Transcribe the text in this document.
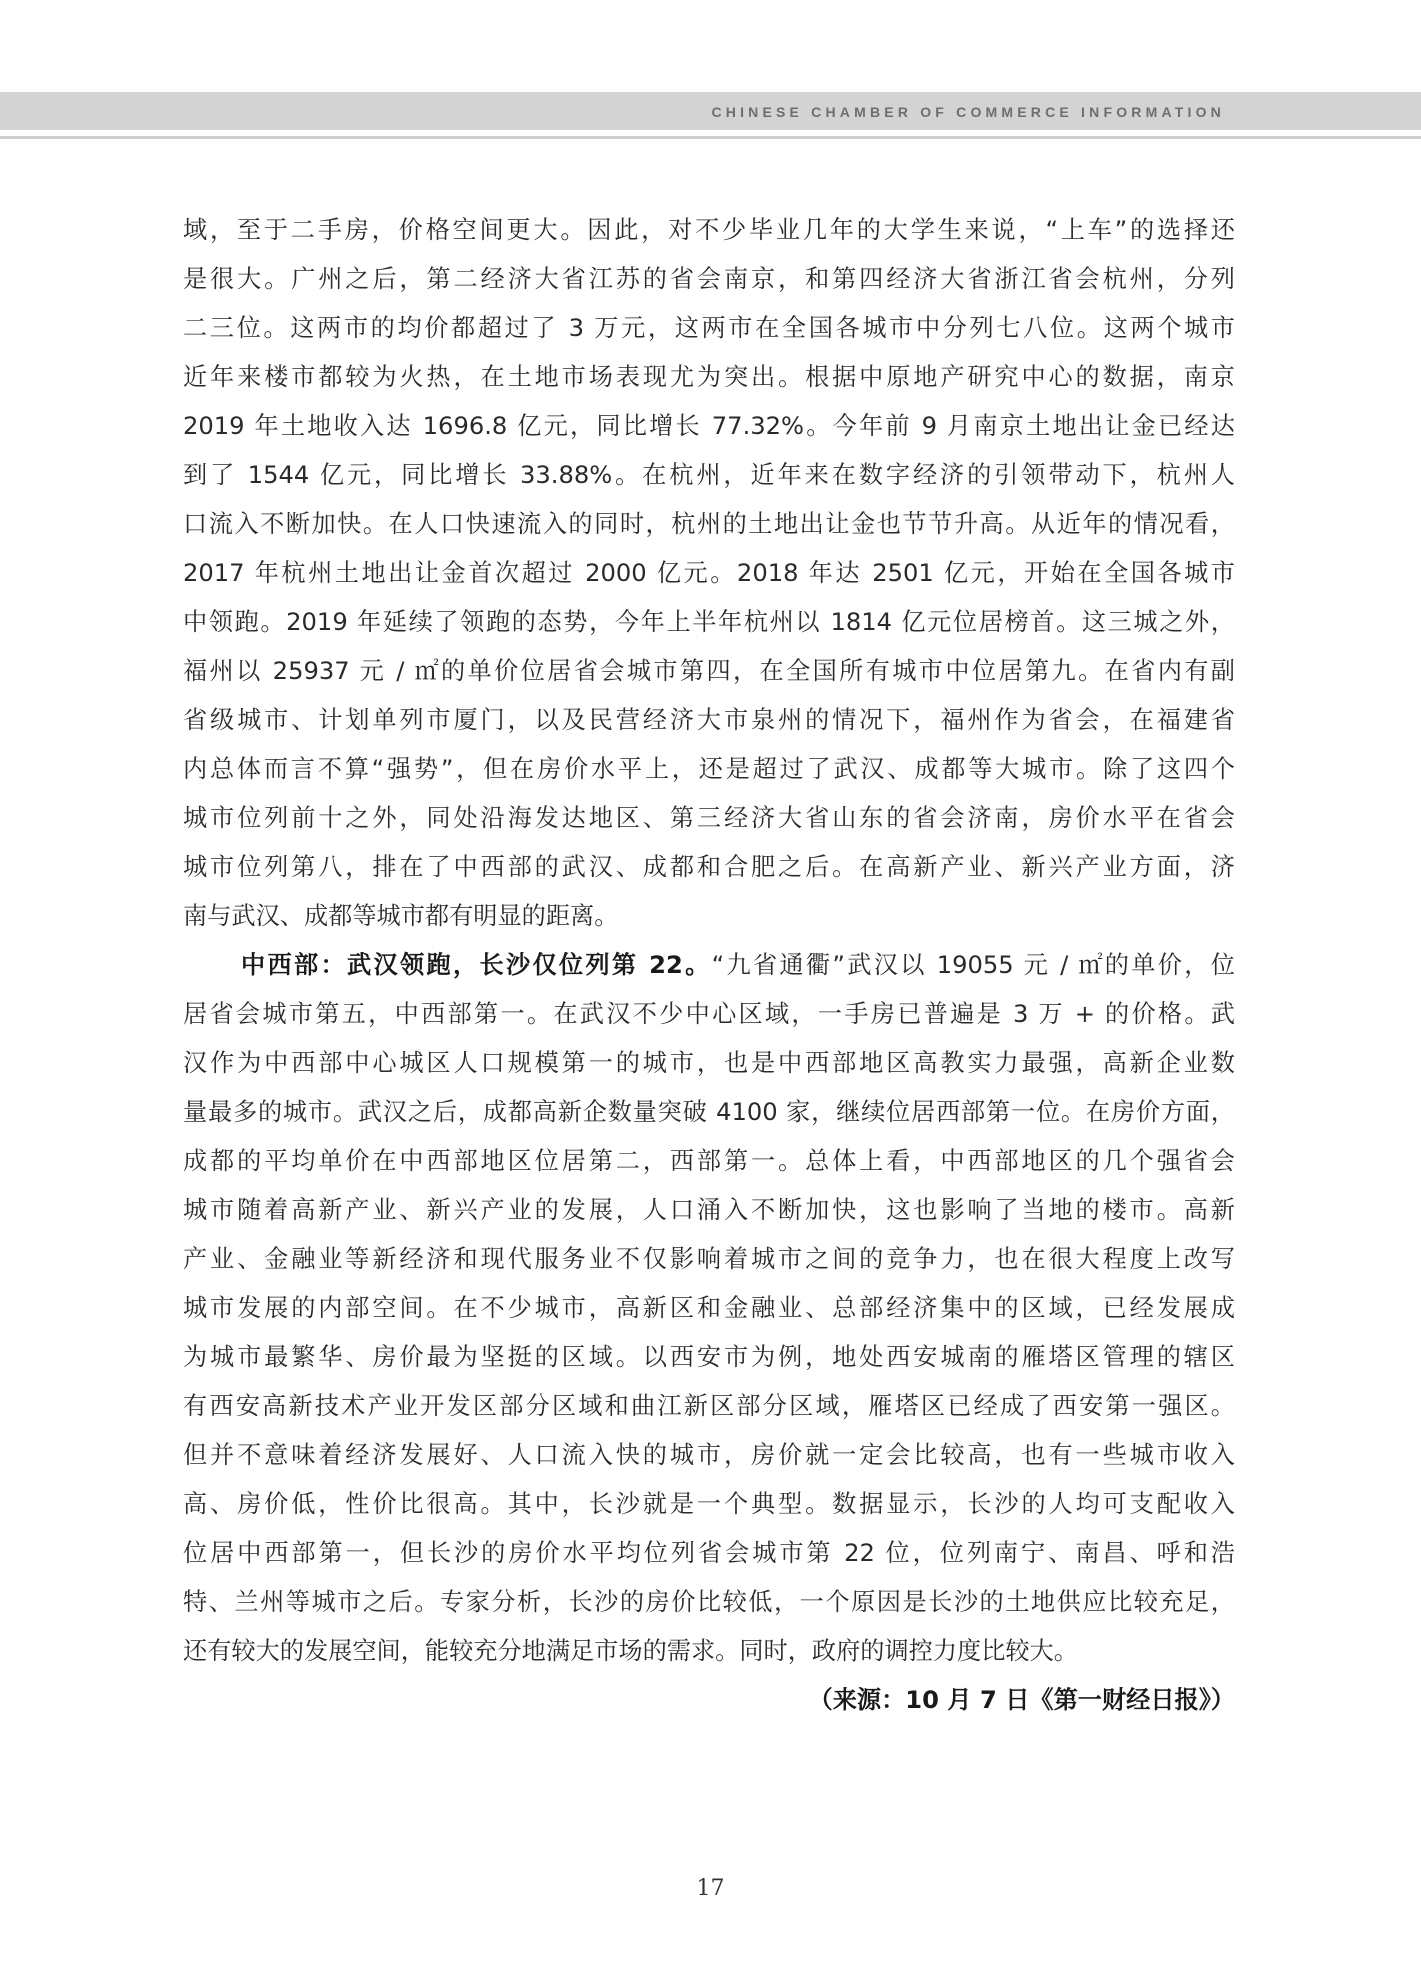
CHINESE CHAMBER OF COMMERCE INFORMATION
域，至于二手房，价格空间更大。因此，对不少毕业几年的大学生来说，“上车”的选择还
是很大。广州之后，第二经济大省江苏的省会南京，和第四经济大省浙江省会杭州，分列
二三位。这两市的均价都超过了 3 万元，这两市在全国各城市中分列七八位。这两个城市
近年来楼市都较为火热，在土地市场表现尤为突出。根据中原地产研究中心的数据，南京
2019 年土地收入达 1696.8 亿元，同比增长 77.32%。今年前 9 月南京土地出让金已经达
到了 1544 亿元，同比增长 33.88%。在杭州，近年来在数字经济的引领带动下，杭州人
口流入不断加快。在人口快速流入的同时，杭州的土地出让金也节节升高。从近年的情况看，
2017 年杭州土地出让金首次超过 2000 亿元。2018 年达 2501 亿元，开始在全国各城市
中领跑。2019 年延续了领跑的态势，今年上半年杭州以 1814 亿元位居榜首。这三城之外，
福州以 25937 元 / ㎡的单价位居省会城市第四，在全国所有城市中位居第九。在省内有副
省级城市、计划单列市厦门，以及民营经济大市泉州的情况下，福州作为省会，在福建省
内总体而言不算“强势”，但在房价水平上，还是超过了武汉、成都等大城市。除了这四个
城市位列前十之外，同处沿海发达地区、第三经济大省山东的省会济南，房价水平在省会
城市位列第八，排在了中西部的武汉、成都和合肥之后。在高新产业、新兴产业方面，济
南与武汉、成都等城市都有明显的距离。
中西部：武汉领跑，长沙仅位列第 22。“九省通衢”武汉以 19055 元 / ㎡的单价，位
居省会城市第五，中西部第一。在武汉不少中心区域，一手房已普遍是 3 万 + 的价格。武
汉作为中西部中心城区人口规模第一的城市，也是中西部地区高教实力最强，高新企业数
量最多的城市。武汉之后，成都高新企数量突破 4100 家，继续位居西部第一位。在房价方面，
成都的平均单价在中西部地区位居第二，西部第一。总体上看，中西部地区的几个强省会
城市随着高新产业、新兴产业的发展，人口涌入不断加快，这也影响了当地的楼市。高新
产业、金融业等新经济和现代服务业不仅影响着城市之间的竞争力，也在很大程度上改写
城市发展的内部空间。在不少城市，高新区和金融业、总部经济集中的区域，已经发展成
为城市最繁华、房价最为坚挺的区域。以西安市为例，地处西安城南的雁塔区管理的辖区
有西安高新技术产业开发区部分区域和曲江新区部分区域，雁塔区已经成了西安第一强区。
但并不意味着经济发展好、人口流入快的城市，房价就一定会比较高，也有一些城市收入
高、房价低，性价比很高。其中，长沙就是一个典型。数据显示，长沙的人均可支配收入
位居中西部第一，但长沙的房价水平均位列省会城市第 22 位，位列南宁、南昌、呼和浩
特、兰州等城市之后。专家分析，长沙的房价比较低，一个原因是长沙的土地供应比较充足，
还有较大的发展空间，能较充分地满足市场的需求。同时，政府的调控力度比较大。
（来源：10 月 7 日《第一财经日报》）
17
